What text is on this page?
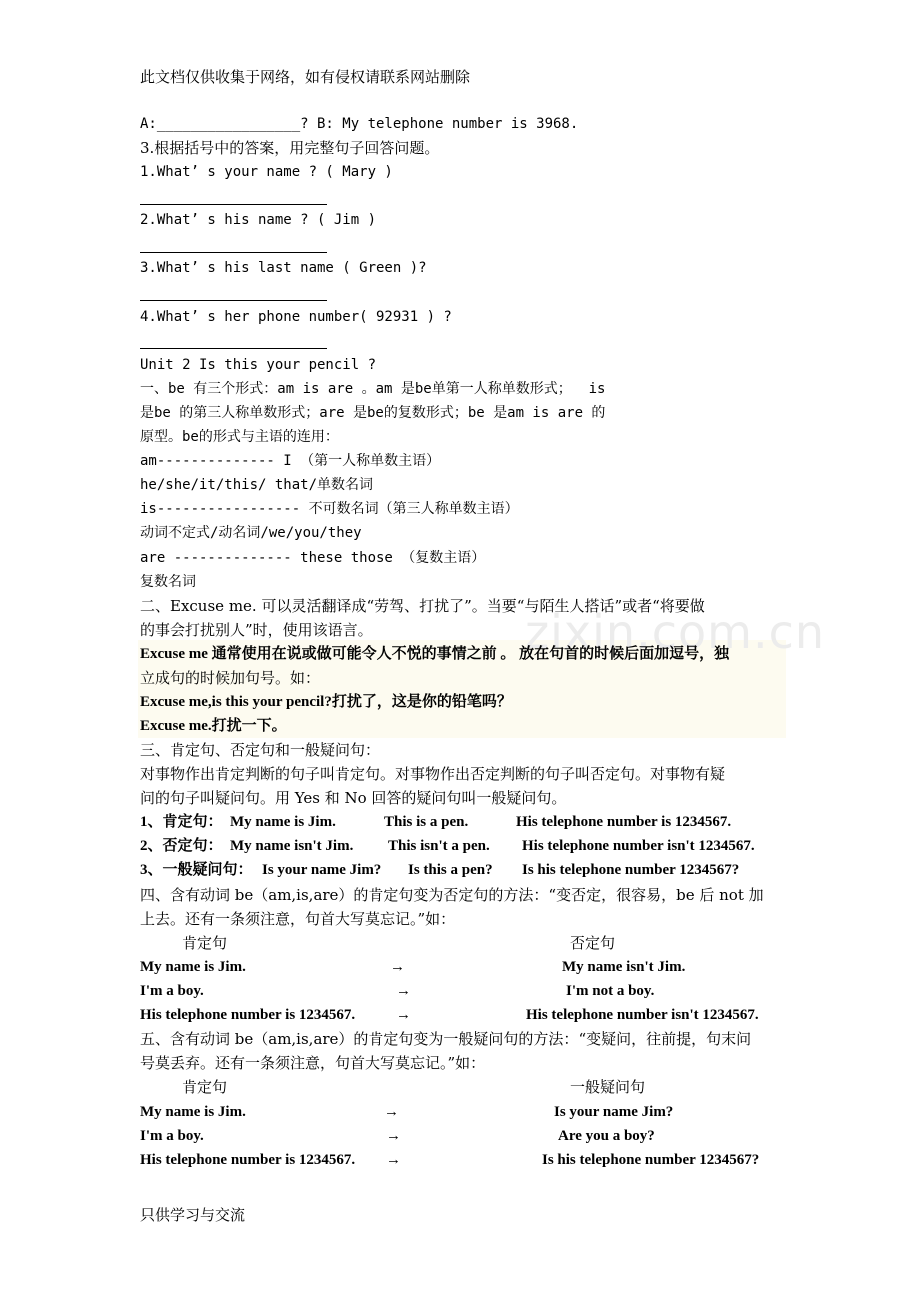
zixin.com.cn
此文档仅供收集于网络，如有侵权请联系网站删除
A:_________________? B: My telephone number is 3968.
3.根据括号中的答案，用完整句子回答问题。
1.What’ s your name ? ( Mary )
2.What’ s his name ? ( Jim )
3.What’ s his last name ( Green )?
4.What’ s her phone number( 92931 ) ?
Unit 2 Is this your pencil ?
一、be 有三个形式：am is are 。am 是be单第一人称单数形式；  is
是be 的第三人称单数形式；are 是be的复数形式；be 是am is are 的
原型。be的形式与主语的连用：
am-------------- I （第一人称单数主语）
he/she/it/this/ that/单数名词
is----------------- 不可数名词（第三人称单数主语）
动词不定式/动名词/we/you/they
are -------------- these those （复数主语）
复数名词
二、Excuse me. 可以灵活翻译成“劳驾、打扰了”。当要“与陌生人搭话”或者“将要做
的事会打扰别人”时，使用该语言。
Excuse me 通常使用在说或做可能令人不悦的事情之前 。 放在句首的时候后面加逗号，独
立成句的时候加句号。如：
Excuse me,is this your pencil?打扰了，这是你的铅笔吗？
Excuse me.打扰一下。
三、肯定句、否定句和一般疑问句：
对事物作出肯定判断的句子叫肯定句。对事物作出否定判断的句子叫否定句。对事物有疑
问的句子叫疑问句。用 Yes 和 No 回答的疑问句叫一般疑问句。
1、肯定句： My name is Jim.	This is a pen.	His telephone number is 1234567.
2、否定句： My name isn't Jim. This isn't a pen. His telephone number isn't 1234567.
3、一般疑问句： Is your name Jim? Is this a pen? Is his telephone number 1234567?
四、含有动词 be（am,is,are）的肯定句变为否定句的方法：“变否定，很容易，be 后 not 加
上去。还有一条须注意，句首大写莫忘记。”如：
肯定句	否定句
My name is Jim.	→	My name isn't Jim.
I'm a boy.	→	I'm not a boy.
His telephone number is 1234567.	→	His telephone number isn't 1234567.
五、含有动词 be（am,is,are）的肯定句变为一般疑问句的方法：“变疑问，往前提，句末问
号莫丢弃。还有一条须注意，句首大写莫忘记。”如：
肯定句	一般疑问句
My name is Jim.	→	Is your name Jim?
I'm a boy.	→	Are you a boy?
His telephone number is 1234567. →	Is his telephone number 1234567?
只供学习与交流
